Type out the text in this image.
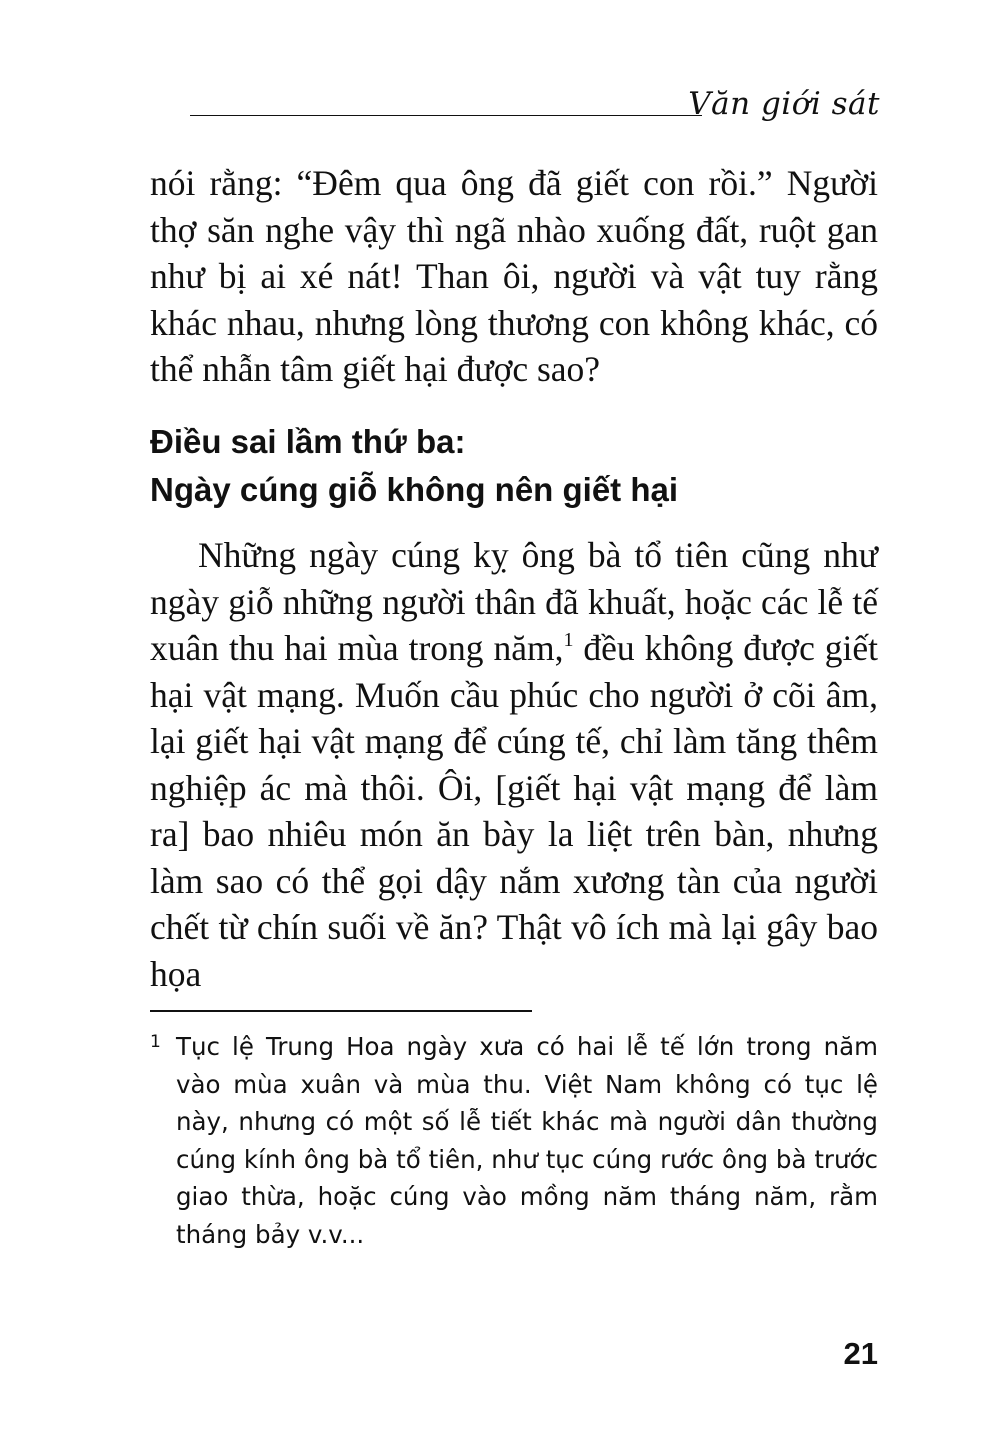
Văn giới sát

nói rằng: “Đêm qua ông đã giết con rồi.” Người thợ săn nghe vậy thì ngã nhào xuống đất, ruột gan như bị ai xé nát! Than ôi, người và vật tuy rằng khác nhau, nhưng lòng thương con không khác, có thể nhẫn tâm giết hại được sao?

Điều sai lầm thứ ba:
Ngày cúng giỗ không nên giết hại

Những ngày cúng kỵ ông bà tổ tiên cũng như ngày giỗ những người thân đã khuất, hoặc các lễ tế xuân thu hai mùa trong năm,$^1$ đều không được giết hại vật mạng. Muốn cầu phúc cho người ở cõi âm, lại giết hại vật mạng để cúng tế, chỉ làm tăng thêm nghiệp ác mà thôi. Ôi, [giết hại vật mạng để làm ra] bao nhiêu món ăn bày la liệt trên bàn, nhưng làm sao có thể gọi dậy nắm xương tàn của người chết từ chín suối về ăn? Thật vô ích mà lại gây bao họa

1 Tục lệ Trung Hoa ngày xưa có hai lễ tế lớn trong năm vào mùa xuân và mùa thu. Việt Nam không có tục lệ này, nhưng có một số lễ tiết khác mà người dân thường cúng kính ông bà tổ tiên, như tục cúng rước ông bà trước giao thừa, hoặc cúng vào mồng năm tháng năm, rằm tháng bảy v.v...
21
